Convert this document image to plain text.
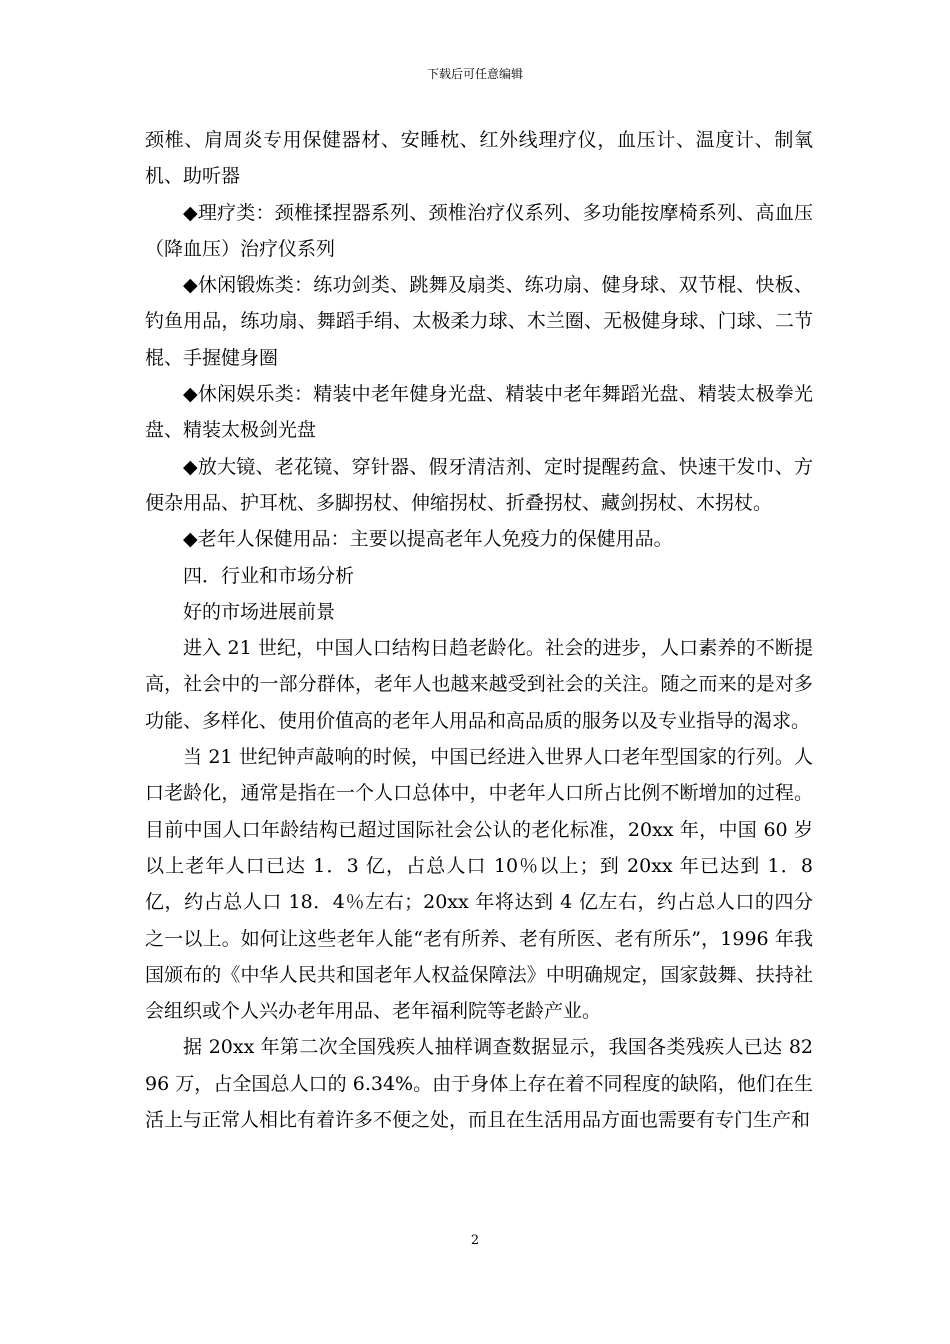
下载后可任意编辑

颈椎、肩周炎专用保健器材、安睡枕、红外线理疗仪，血压计、温度计、制氧机、助听器

◆理疗类：颈椎揉捏器系列、颈椎治疗仪系列、多功能按摩椅系列、高血压（降血压）治疗仪系列

◆休闲锻炼类：练功剑类、跳舞及扇类、练功扇、健身球、双节棍、快板、钓鱼用品，练功扇、舞蹈手绢、太极柔力球、木兰圈、无极健身球、门球、二节棍、手握健身圈

◆休闲娱乐类：精装中老年健身光盘、精装中老年舞蹈光盘、精装太极拳光盘、精装太极剑光盘

◆放大镜、老花镜、穿针器、假牙清洁剂、定时提醒药盒、快速干发巾、方便杂用品、护耳枕、多脚拐杖、伸缩拐杖、折叠拐杖、藏剑拐杖、木拐杖。

◆老年人保健用品：主要以提高老年人免疫力的保健用品。

四．行业和市场分析

好的市场进展前景

进入 21 世纪，中国人口结构日趋老龄化。社会的进步，人口素养的不断提高，社会中的一部分群体，老年人也越来越受到社会的关注。随之而来的是对多功能、多样化、使用价值高的老年人用品和高品质的服务以及专业指导的渴求。

当 21 世纪钟声敲响的时候，中国已经进入世界人口老年型国家的行列。人口老龄化，通常是指在一个人口总体中，中老年人口所占比例不断增加的过程。目前中国人口年龄结构已超过国际社会公认的老化标准，20xx 年，中国 60 岁以上老年人口已达 1．3 亿，占总人口 10％以上；到 20xx 年已达到 1．8 亿，约占总人口 18．4％左右；20xx 年将达到 4 亿左右，约占总人口的四分之一以上。如何让这些老年人能“老有所养、老有所医、老有所乐”，1996 年我国颁布的《中华人民共和国老年人权益保障法》中明确规定，国家鼓舞、扶持社会组织或个人兴办老年用品、老年福利院等老龄产业。

据 20xx 年第二次全国残疾人抽样调查数据显示，我国各类残疾人已达 8296 万，占全国总人口的 6.34%。由于身体上存在着不同程度的缺陷，他们在生活上与正常人相比有着许多不便之处，而且在生活用品方面也需要有专门生产和

2
